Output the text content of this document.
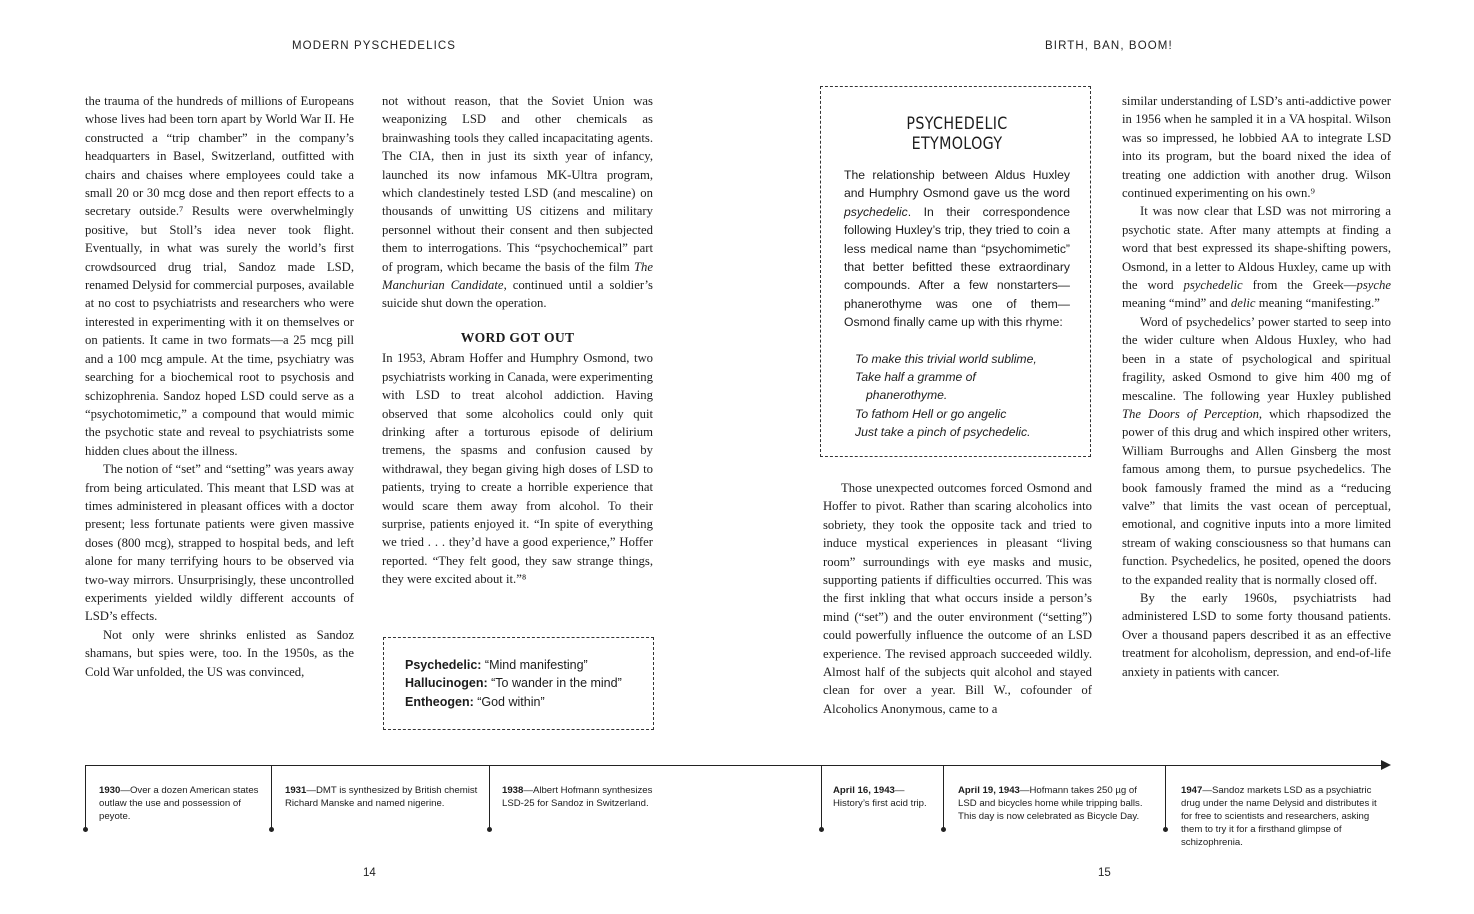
MODERN PYSCHEDELICS	BIRTH, BAN, BOOM!

the trauma of the hundreds of millions of Europeans whose lives had been torn apart by World War II. He constructed a “trip chamber” in the company’s headquarters in Basel, Switzerland, outfitted with chairs and chaises where employees could take a small 20 or 30 mcg dose and then report effects to a secretary outside.⁷ Results were overwhelmingly positive, but Stoll’s idea never took flight. Eventually, in what was surely the world’s first crowdsourced drug trial, Sandoz made LSD, renamed Delysid for commercial purposes, available at no cost to psychiatrists and researchers who were interested in experimenting with it on themselves or on patients. It came in two formats—a 25 mcg pill and a 100 mcg ampule. At the time, psychiatry was searching for a biochemical root to psychosis and schizophrenia. Sandoz hoped LSD could serve as a “psychotomimetic,” a compound that would mimic the psychotic state and reveal to psychiatrists some hidden clues about the illness.

The notion of “set” and “setting” was years away from being articulated. This meant that LSD was at times administered in pleasant offices with a doctor present; less fortunate patients were given massive doses (800 mcg), strapped to hospital beds, and left alone for many terrifying hours to be observed via two-way mirrors. Unsurprisingly, these uncontrolled experiments yielded wildly different accounts of LSD’s effects.

Not only were shrinks enlisted as Sandoz shamans, but spies were, too. In the 1950s, as the Cold War unfolded, the US was convinced,

not without reason, that the Soviet Union was weaponizing LSD and other chemicals as brainwashing tools they called incapacitating agents. The CIA, then in just its sixth year of infancy, launched its now infamous MK-Ultra program, which clandestinely tested LSD (and mescaline) on thousands of unwitting US citizens and military personnel without their consent and then subjected them to interrogations. This “psychochemical” part of program, which became the basis of the film The Manchurian Candidate, continued until a soldier’s suicide shut down the operation.

WORD GOT OUT

In 1953, Abram Hoffer and Humphry Osmond, two psychiatrists working in Canada, were experimenting with LSD to treat alcohol addiction. Having observed that some alcoholics could only quit drinking after a torturous episode of delirium tremens, the spasms and confusion caused by withdrawal, they began giving high doses of LSD to patients, trying to create a horrible experience that would scare them away from alcohol. To their surprise, patients enjoyed it. “In spite of everything we tried . . . they’d have a good experience,” Hoffer reported. “They felt good, they saw strange things, they were excited about it.”⁸

Psychedelic: “Mind manifesting”
Hallucinogen: “To wander in the mind”
Entheogen: “God within”
PSYCHEDELIC ETYMOLOGY
The relationship between Aldus Huxley and Humphry Osmond gave us the word psychedelic. In their correspondence following Huxley’s trip, they tried to coin a less medical name than “psychomimetic” that better befitted these extraordinary compounds. After a few nonstarters—phanerothyme was one of them—Osmond finally came up with this rhyme:
To make this trivial world sublime,
Take half a gramme of
phanerothyme.
To fathom Hell or go angelic
Just take a pinch of psychedelic.

Those unexpected outcomes forced Osmond and Hoffer to pivot. Rather than scaring alcoholics into sobriety, they took the opposite tack and tried to induce mystical experiences in pleasant “living room” surroundings with eye masks and music, supporting patients if difficulties occurred. This was the first inkling that what occurs inside a person’s mind (“set”) and the outer environment (“setting”) could powerfully influence the outcome of an LSD experience. The revised approach succeeded wildly. Almost half of the subjects quit alcohol and stayed clean for over a year. Bill W., cofounder of Alcoholics Anonymous, came to a

similar understanding of LSD’s anti-addictive power in 1956 when he sampled it in a VA hospital. Wilson was so impressed, he lobbied AA to integrate LSD into its program, but the board nixed the idea of treating one addiction with another drug. Wilson continued experimenting on his own.⁹

It was now clear that LSD was not mirroring a psychotic state. After many attempts at finding a word that best expressed its shape-shifting powers, Osmond, in a letter to Aldous Huxley, came up with the word psychedelic from the Greek—psyche meaning “mind” and delic meaning “manifesting.”

Word of psychedelics’ power started to seep into the wider culture when Aldous Huxley, who had been in a state of psychological and spiritual fragility, asked Osmond to give him 400 mg of mescaline. The following year Huxley published The Doors of Perception, which rhapsodized the power of this drug and which inspired other writers, William Burroughs and Allen Ginsberg the most famous among them, to pursue psychedelics. The book famously framed the mind as a “reducing valve” that limits the vast ocean of perceptual, emotional, and cognitive inputs into a more limited stream of waking consciousness so that humans can function. Psychedelics, he posited, opened the doors to the expanded reality that is normally closed off.

By the early 1960s, psychiatrists had administered LSD to some forty thousand patients. Over a thousand papers described it as an effective treatment for alcoholism, depression, and end-of-life anxiety in patients with cancer.

1930—Over a dozen American states outlaw the use and possession of peyote.
1931—DMT is synthesized by British chemist Richard Manske and named nigerine.
1938—Albert Hofmann synthesizes LSD-25 for Sandoz in Switzerland.
April 16, 1943— History’s first acid trip.
April 19, 1943—Hofmann takes 250 µg of LSD and bicycles home while tripping balls. This day is now celebrated as Bicycle Day.
1947—Sandoz markets LSD as a psychiatric drug under the name Delysid and distributes it for free to scientists and researchers, asking them to try it for a firsthand glimpse of schizophrenia.
14	15
